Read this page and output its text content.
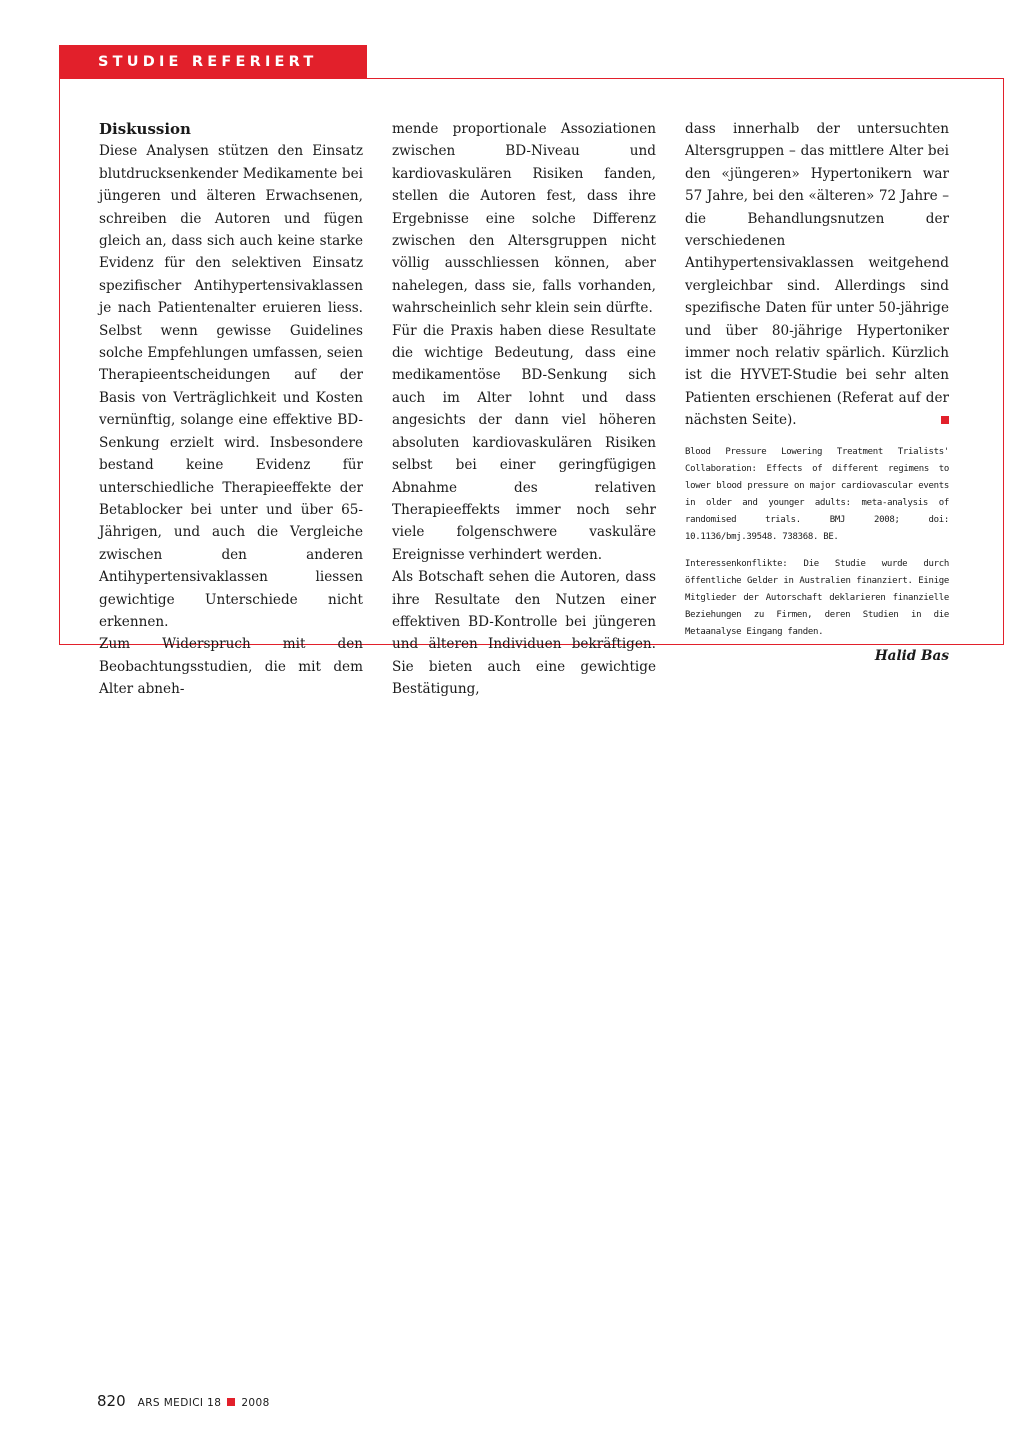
STUDIE REFERIERT

Diskussion

Diese Analysen stützen den Einsatz blutdrucksenkender Medikamente bei jüngeren und älteren Erwachsenen, schreiben die Autoren und fügen gleich an, dass sich auch keine starke Evidenz für den selektiven Einsatz spezifischer Antihypertensivaklassen je nach Patientenalter eruieren liess. Selbst wenn gewisse Guidelines solche Empfehlungen umfassen, seien Therapieentscheidungen auf der Basis von Verträglichkeit und Kosten vernünftig, solange eine effektive BD-Senkung erzielt wird. Insbesondere bestand keine Evidenz für unterschiedliche Therapieeffekte der Betablocker bei unter und über 65-Jährigen, und auch die Vergleiche zwischen den anderen Antihypertensivaklassen liessen gewichtige Unterschiede nicht erkennen.

Zum Widerspruch mit den Beobachtungsstudien, die mit dem Alter abneh-

mende proportionale Assoziationen zwischen BD-Niveau und kardiovaskulären Risiken fanden, stellen die Autoren fest, dass ihre Ergebnisse eine solche Differenz zwischen den Altersgruppen nicht völlig ausschliessen können, aber nahelegen, dass sie, falls vorhanden, wahrscheinlich sehr klein sein dürfte.

Für die Praxis haben diese Resultate die wichtige Bedeutung, dass eine medikamentöse BD-Senkung sich auch im Alter lohnt und dass angesichts der dann viel höheren absoluten kardiovaskulären Risiken selbst bei einer geringfügigen Abnahme des relativen Therapieeffekts immer noch sehr viele folgenschwere vaskuläre Ereignisse verhindert werden.

Als Botschaft sehen die Autoren, dass ihre Resultate den Nutzen einer effektiven BD-Kontrolle bei jüngeren und älteren Individuen bekräftigen. Sie bieten auch eine gewichtige Bestätigung,

dass innerhalb der untersuchten Altersgruppen – das mittlere Alter bei den «jüngeren» Hypertonikern war 57 Jahre, bei den «älteren» 72 Jahre – die Behandlungsnutzen der verschiedenen Antihypertensivaklassen weitgehend vergleichbar sind. Allerdings sind spezifische Daten für unter 50-jährige und über 80-jährige Hypertoniker immer noch relativ spärlich. Kürzlich ist die HYVET-Studie bei sehr alten Patienten erschienen (Referat auf der nächsten Seite).

Blood Pressure Lowering Treatment Trialists' Collaboration: Effects of different regimens to lower blood pressure on major cardiovascular events in older and younger adults: meta-analysis of randomised trials. BMJ 2008; doi: 10.1136/bmj.39548. 738368. BE.

Interessenkonflikte: Die Studie wurde durch öffentliche Gelder in Australien finanziert. Einige Mitglieder der Autorschaft deklarieren finanzielle Beziehungen zu Firmen, deren Studien in die Metaanalyse Eingang fanden.

Halid Bas

820 ARS MEDICI 18 2008
